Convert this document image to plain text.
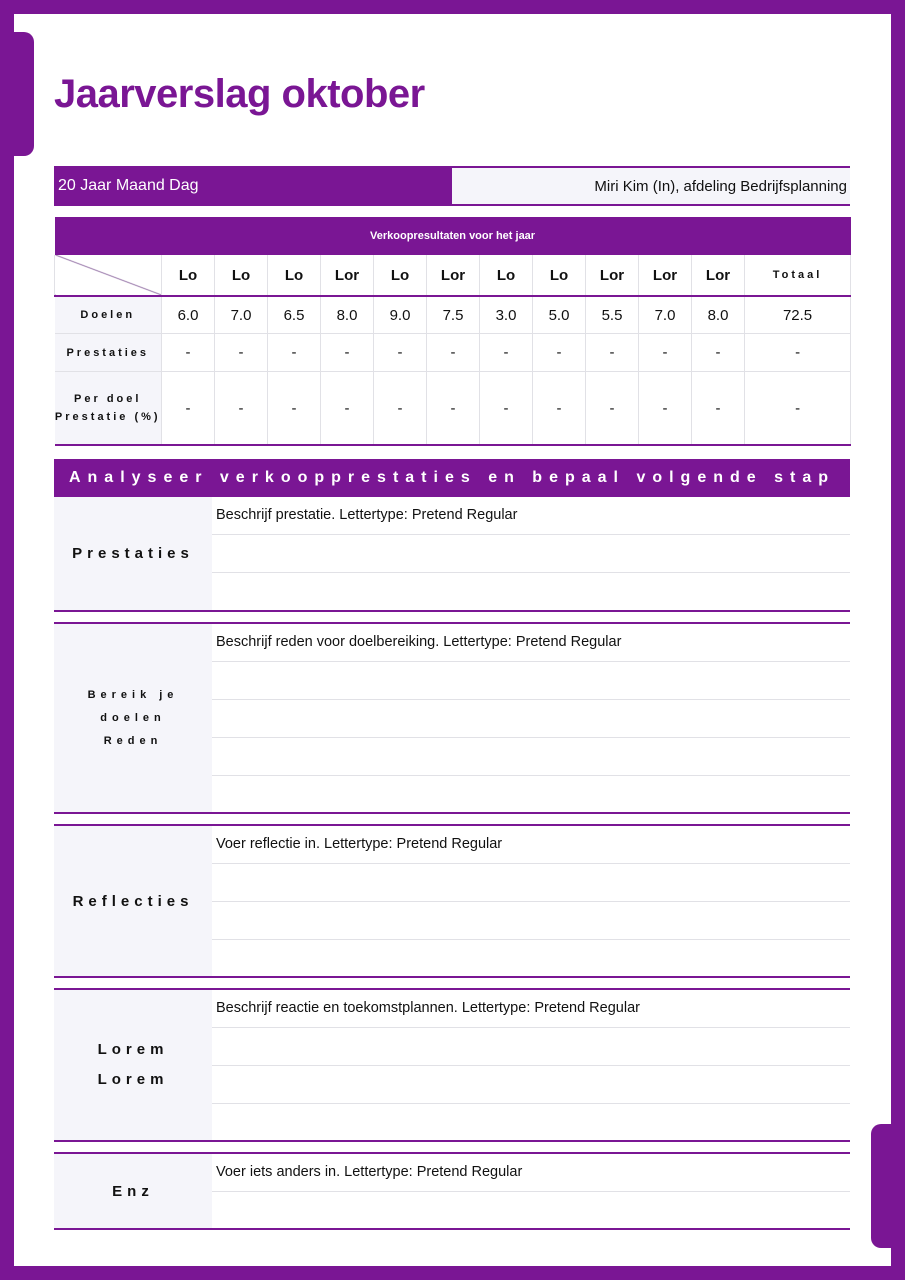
Jaarverslag oktober
20 Jaar Maand Dag	Miri Kim (In), afdeling Bedrijfsplanning
Verkoopresultaten voor het jaar												
	Lo	Lo	Lo	Lor	Lo	Lor	Lo	Lo	Lor	Lor	Lor	Totaal
Doelen	6.0	7.0	6.5	8.0	9.0	7.5	3.0	5.0	5.5	7.0	8.0	72.5
Prestaties	-	-	-	-	-	-	-	-	-	-	-	-
Per doel
Prestatie (%)	-	-	-	-	-	-	-	-	-	-	-	-
Analyseer verkoopprestaties en bepaal volgende stap
Prestaties
Beschrijf prestatie. Lettertype: Pretend Regular
Bereik je doelen
Reden
Beschrijf reden voor doelbereiking. Lettertype: Pretend Regular
Reflecties
Voer reflectie in. Lettertype: Pretend Regular
Lorem
Lorem
Beschrijf reactie en toekomstplannen. Lettertype: Pretend Regular
Enz
Voer iets anders in. Lettertype: Pretend Regular
